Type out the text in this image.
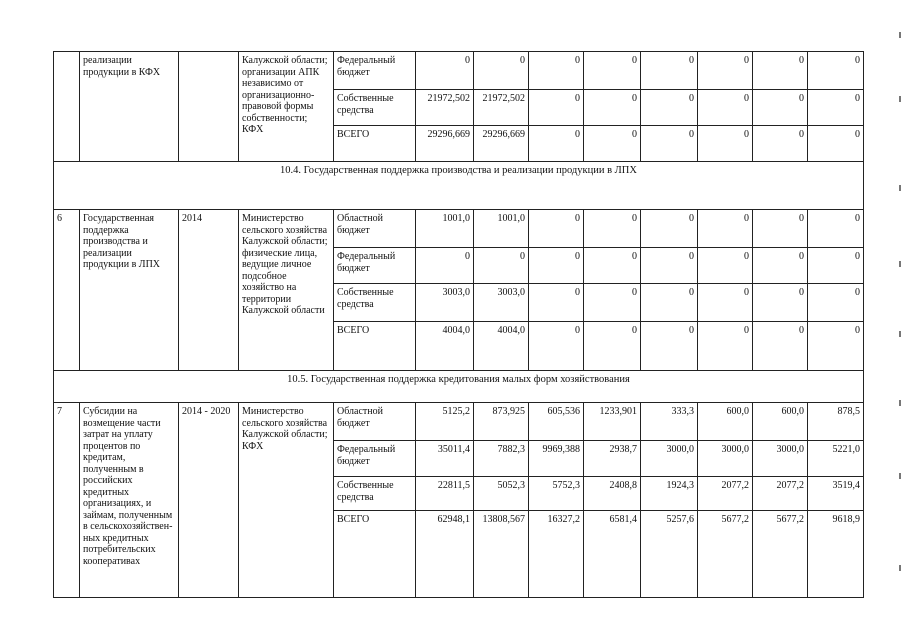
	реализации продукции в КФХ		Калужской области; организации АПК независимо от организационно-правовой формы собственности; КФХ	Федеральный бюджет	0	0	0	0	0	0	0	0
				Собственные средства	21972,502	21972,502	0	0	0	0	0	0
				ВСЕГО	29296,669	29296,669	0	0	0	0	0	0
10.4. Государственная поддержка производства и реализации продукции в ЛПХ												
6	Государственная поддержка производства и реализации продукции в ЛПХ	2014	Министерство сельского хозяйства Калужской области; физические лица, ведущие личное подсобное хозяйство на территории Калужской области	Областной бюджет	1001,0	1001,0	0	0	0	0	0	0
				Федеральный бюджет	0	0	0	0	0	0	0	0
				Собственные средства	3003,0	3003,0	0	0	0	0	0	0
				ВСЕГО	4004,0	4004,0	0	0	0	0	0	0
10.5. Государственная поддержка кредитования малых форм хозяйствования												
7	Субсидии на возмещение части затрат на уплату процентов по кредитам, полученным в российских кредитных организациях, и займам, полученным в сельскохозяйствен-ных кредитных потребительских кооперативах	2014 - 2020	Министерство сельского хозяйства Калужской области; КФХ	Областной бюджет	5125,2	873,925	605,536	1233,901	333,3	600,0	600,0	878,5
				Федеральный бюджет	35011,4	7882,3	9969,388	2938,7	3000,0	3000,0	3000,0	5221,0
				Собственные средства	22811,5	5052,3	5752,3	2408,8	1924,3	2077,2	2077,2	3519,4
				ВСЕГО	62948,1	13808,567	16327,2	6581,4	5257,6	5677,2	5677,2	9618,9
